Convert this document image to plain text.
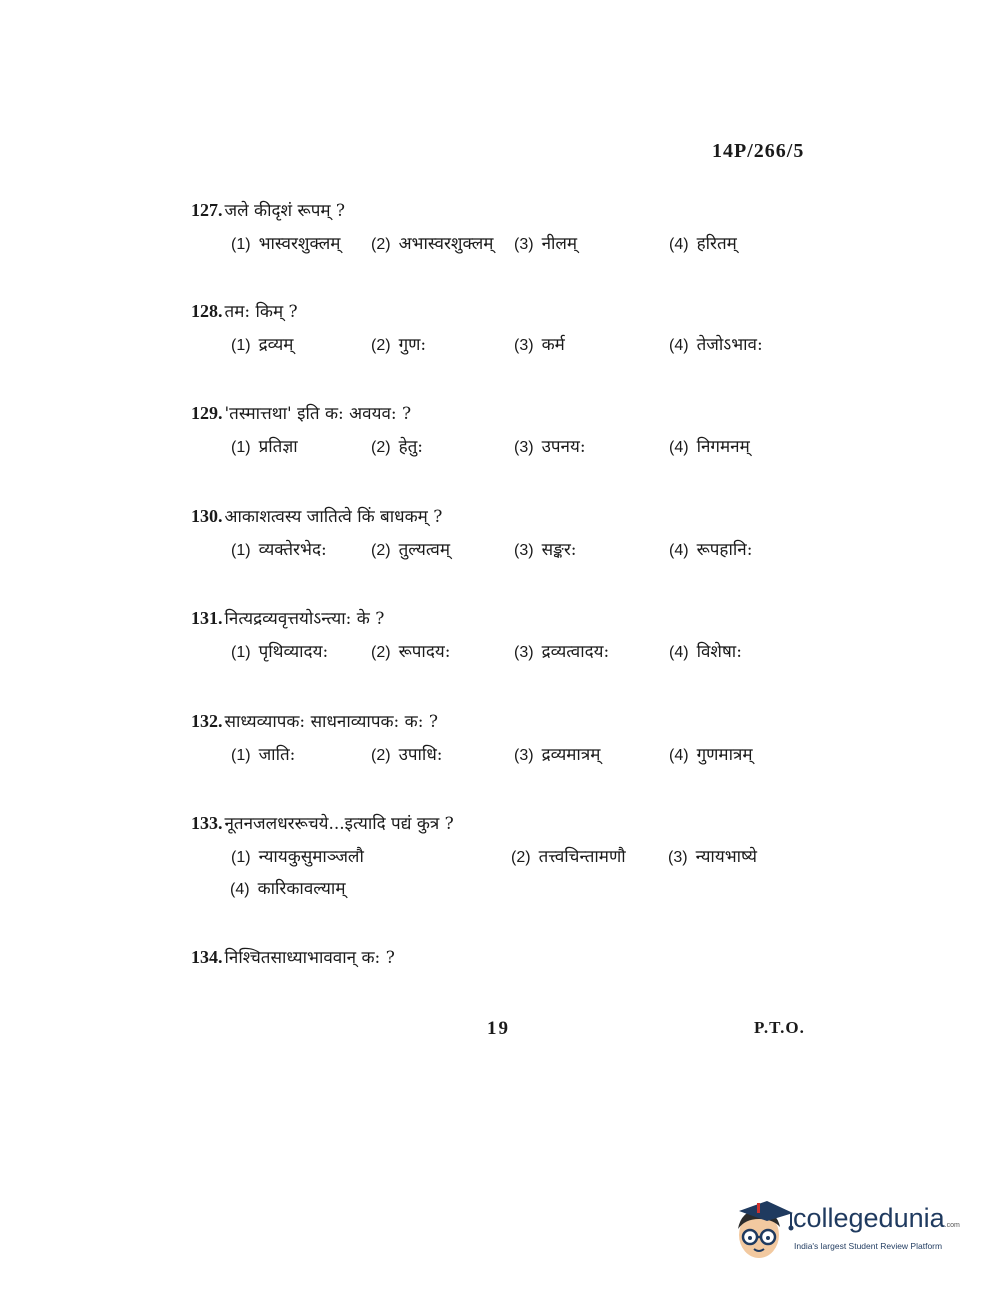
14P/266/5
127. जले कीदृशं रूपम् ?
(1) भास्वरशुक्लम् (2) अभास्वरशुक्लम् (3) नीलम्	(4) हरितम्
128. तम: किम् ?
(1) द्रव्यम्	(2) गुण:	(3) कर्म	(4) तेजोऽभाव:
129. 'तस्मात्तथा' इति क: अवयव: ?
(1) प्रतिज्ञा	(2) हेतु:	(3) उपनय:	(4) निगमनम्
130. आकाशत्वस्य जातित्वे किं बाधकम् ?
(1) व्यक्तेरभेद:	(2) तुल्यत्वम्	(3) सङ्कर:	(4) रूपहानि:
131. नित्यद्रव्यवृत्तयोऽन्त्या: के ?
(1) पृथिव्यादय:	(2) रूपादय:	(3) द्रव्यत्वादय:	(4) विशेषा:
132. साध्यव्यापक: साधनाव्यापक: क: ?
(1) जाति:	(2) उपाधि:	(3) द्रव्यमात्रम्	(4) गुणमात्रम्
133. नूतनजलधररूचये...इत्यादि पद्यं कुत्र ?
(1) न्यायकुसुमाञ्जलौ	(2) तत्त्वचिन्तामणौ	(3) न्यायभाष्ये
(4) कारिकावल्याम्
134. निश्चितसाध्याभाववान् क: ?
19	P.T.O.
collegedunia.com
India's largest Student Review Platform
